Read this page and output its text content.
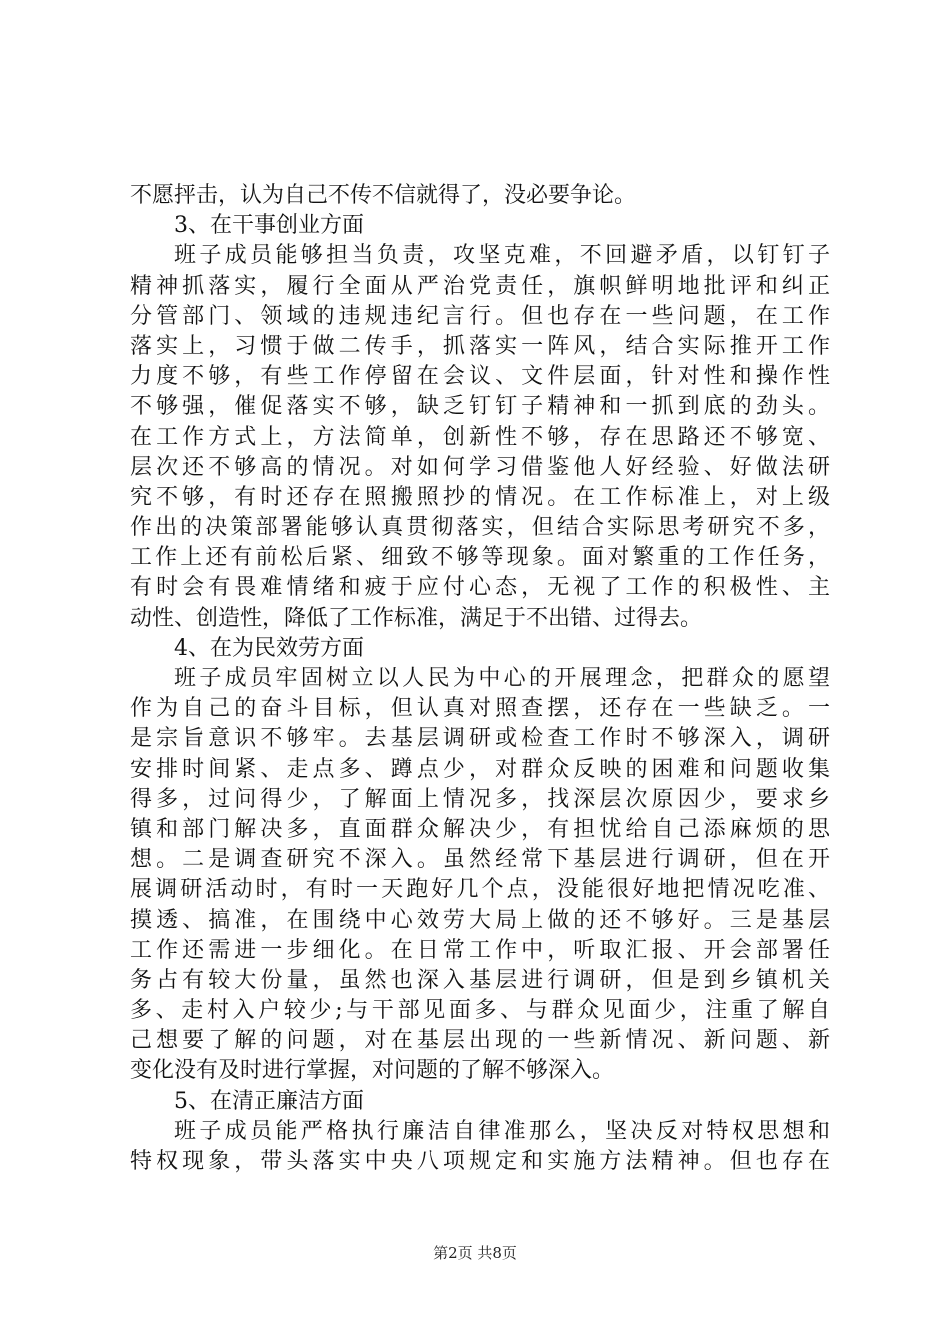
不愿抨击，认为自己不传不信就得了，没必要争论。
3、在干事创业方面
班子成员能够担当负责，攻坚克难，不回避矛盾，以钉钉子
精神抓落实，履行全面从严治党责任，旗帜鲜明地批评和纠正
分管部门、领域的违规违纪言行。但也存在一些问题，在工作
落实上，习惯于做二传手，抓落实一阵风，结合实际推开工作
力度不够，有些工作停留在会议、文件层面，针对性和操作性
不够强，催促落实不够，缺乏钉钉子精神和一抓到底的劲头。
在工作方式上，方法简单，创新性不够，存在思路还不够宽、
层次还不够高的情况。对如何学习借鉴他人好经验、好做法研
究不够，有时还存在照搬照抄的情况。在工作标准上，对上级
作出的决策部署能够认真贯彻落实，但结合实际思考研究不多，
工作上还有前松后紧、细致不够等现象。面对繁重的工作任务，
有时会有畏难情绪和疲于应付心态，无视了工作的积极性、主
动性、创造性，降低了工作标准，满足于不出错、过得去。
4、在为民效劳方面
班子成员牢固树立以人民为中心的开展理念，把群众的愿望
作为自己的奋斗目标，但认真对照查摆，还存在一些缺乏。一
是宗旨意识不够牢。去基层调研或检查工作时不够深入，调研
安排时间紧、走点多、蹲点少，对群众反映的困难和问题收集
得多，过问得少，了解面上情况多，找深层次原因少，要求乡
镇和部门解决多，直面群众解决少，有担忧给自己添麻烦的思
想。二是调查研究不深入。虽然经常下基层进行调研，但在开
展调研活动时，有时一天跑好几个点，没能很好地把情况吃准、
摸透、搞准，在围绕中心效劳大局上做的还不够好。三是基层
工作还需进一步细化。在日常工作中，听取汇报、开会部署任
务占有较大份量，虽然也深入基层进行调研，但是到乡镇机关
多、走村入户较少;与干部见面多、与群众见面少，注重了解自
己想要了解的问题，对在基层出现的一些新情况、新问题、新
变化没有及时进行掌握，对问题的了解不够深入。
5、在清正廉洁方面
班子成员能严格执行廉洁自律准那么，坚决反对特权思想和
特权现象，带头落实中央八项规定和实施方法精神。但也存在
第2页 共8页
